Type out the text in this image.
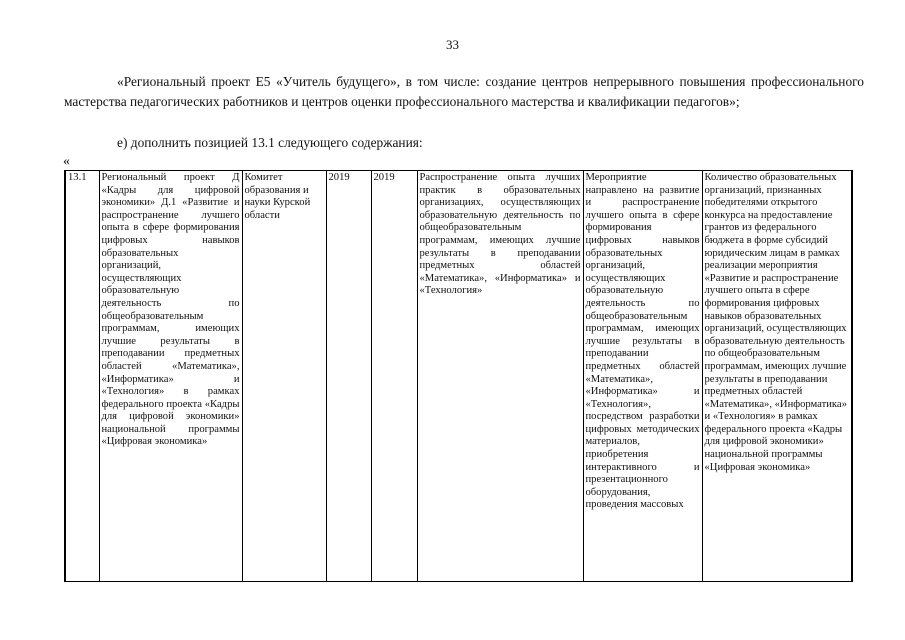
33
«Региональный проект E5 «Учитель будущего», в том числе: создание центров непрерывного повышения профессионального мастерства педагогических работников и центров оценки профессионального мастерства и квалификации педагогов»;
е) дополнить позицией 13.1 следующего содержания:
«
13.1	Региональный проект Д «Кадры для цифровой экономики» Д.1 «Развитие и распространение лучшего опыта в сфере формирования цифровых навыков образовательных организаций, осуществляющих образовательную деятельность по общеобразовательным программам, имеющих лучшие результаты в преподавании предметных областей «Математика», «Информатика» и «Технология» в рамках федерального проекта «Кадры для цифровой экономики» национальной программы «Цифровая экономика»	Комитет образования и науки Курской области	2019	2019	Распространение опыта лучших практик в образовательных организациях, осуществляющих образовательную деятельность по общеобразовательным программам, имеющих лучшие результаты в преподавании предметных областей «Математика», «Информатика» и «Технология»	Мероприятие направлено на развитие и распространение лучшего опыта в сфере формирования цифровых навыков образовательных организаций, осуществляющих образовательную деятельность по общеобразовательным программам, имеющих лучшие результаты в преподавании предметных областей «Математика», «Информатика» и «Технология», посредством разработки цифровых методических материалов, приобретения интерактивного и презентационного оборудования, проведения массовых	Количество образовательных организаций, признанных победителями открытого конкурса на предоставление грантов из федерального бюджета в форме субсидий юридическим лицам в рамках реализации мероприятия «Развитие и распространение лучшего опыта в сфере формирования цифровых навыков образовательных организаций, осуществляющих образовательную деятельность по общеобразовательным программам, имеющих лучшие результаты в преподавании предметных областей «Математика», «Информатика» и «Технология» в рамках федерального проекта «Кадры для цифровой экономики» национальной программы «Цифровая экономика»
